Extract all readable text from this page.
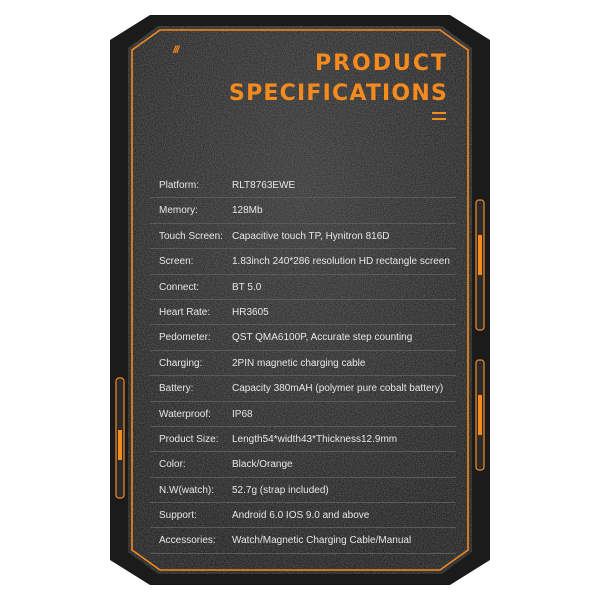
///
PRODUCT
SPECIFICATIONS
Platform:	RLT8763EWE
Memory:	128Mb
Touch Screen: Capacitive touch TP, Hynitron 816D
Screen:	1.83inch 240*286 resolution HD rectangle screen
Connect:	BT 5.0
Heart Rate: HR3605
Pedometer: QST QMA6100P, Accurate step counting
Charging:	2PIN magnetic charging cable
Battery:	Capacity 380mAH (polymer pure cobalt battery)
Waterproof: IP68
Product Size: Length54*width43*Thickness12.9mm
Color:	Black/Orange
N.W(watch): 52.7g (strap included)
Support:	Android 6.0 IOS 9.0 and above
Accessories: Watch/Magnetic Charging Cable/Manual
